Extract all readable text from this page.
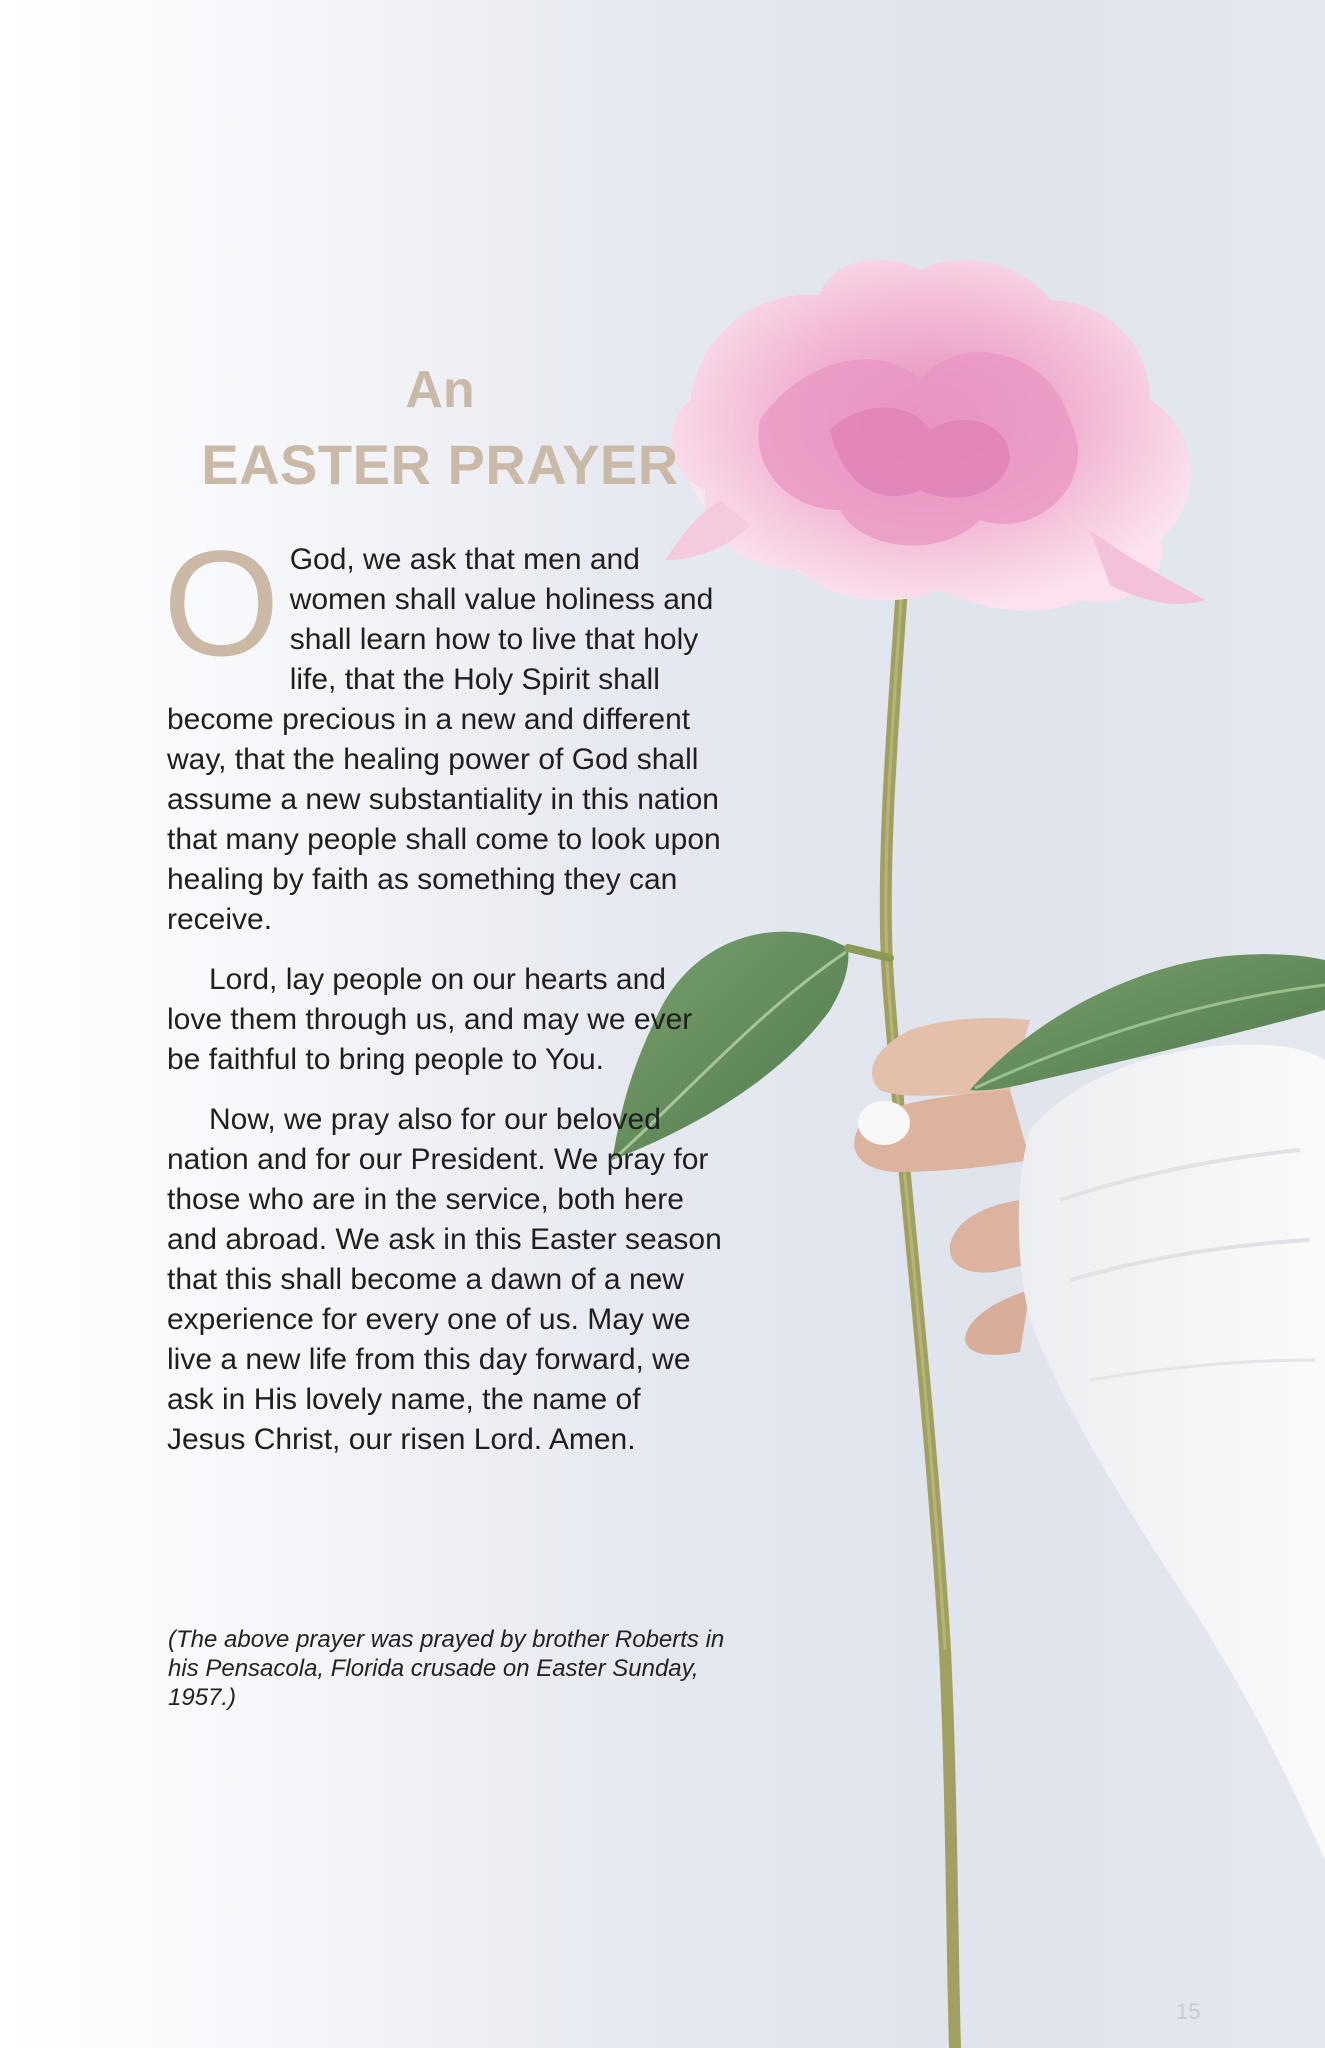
An
EASTER PRAYER

O God, we ask that men and women shall value holiness and shall learn how to live that holy life, that the Holy Spirit shall become precious in a new and different way, that the healing power of God shall assume a new substantiality in this nation that many people shall come to look upon healing by faith as something they can receive.

Lord, lay people on our hearts and love them through us, and may we ever be faithful to bring people to You.

Now, we pray also for our beloved nation and for our President. We pray for those who are in the service, both here and abroad. We ask in this Easter season that this shall become a dawn of a new experience for every one of us. May we live a new life from this day forward, we ask in His lovely name, the name of Jesus Christ, our risen Lord. Amen.

(The above prayer was prayed by brother Roberts in his Pensacola, Florida crusade on Easter Sunday, 1957.)

15
